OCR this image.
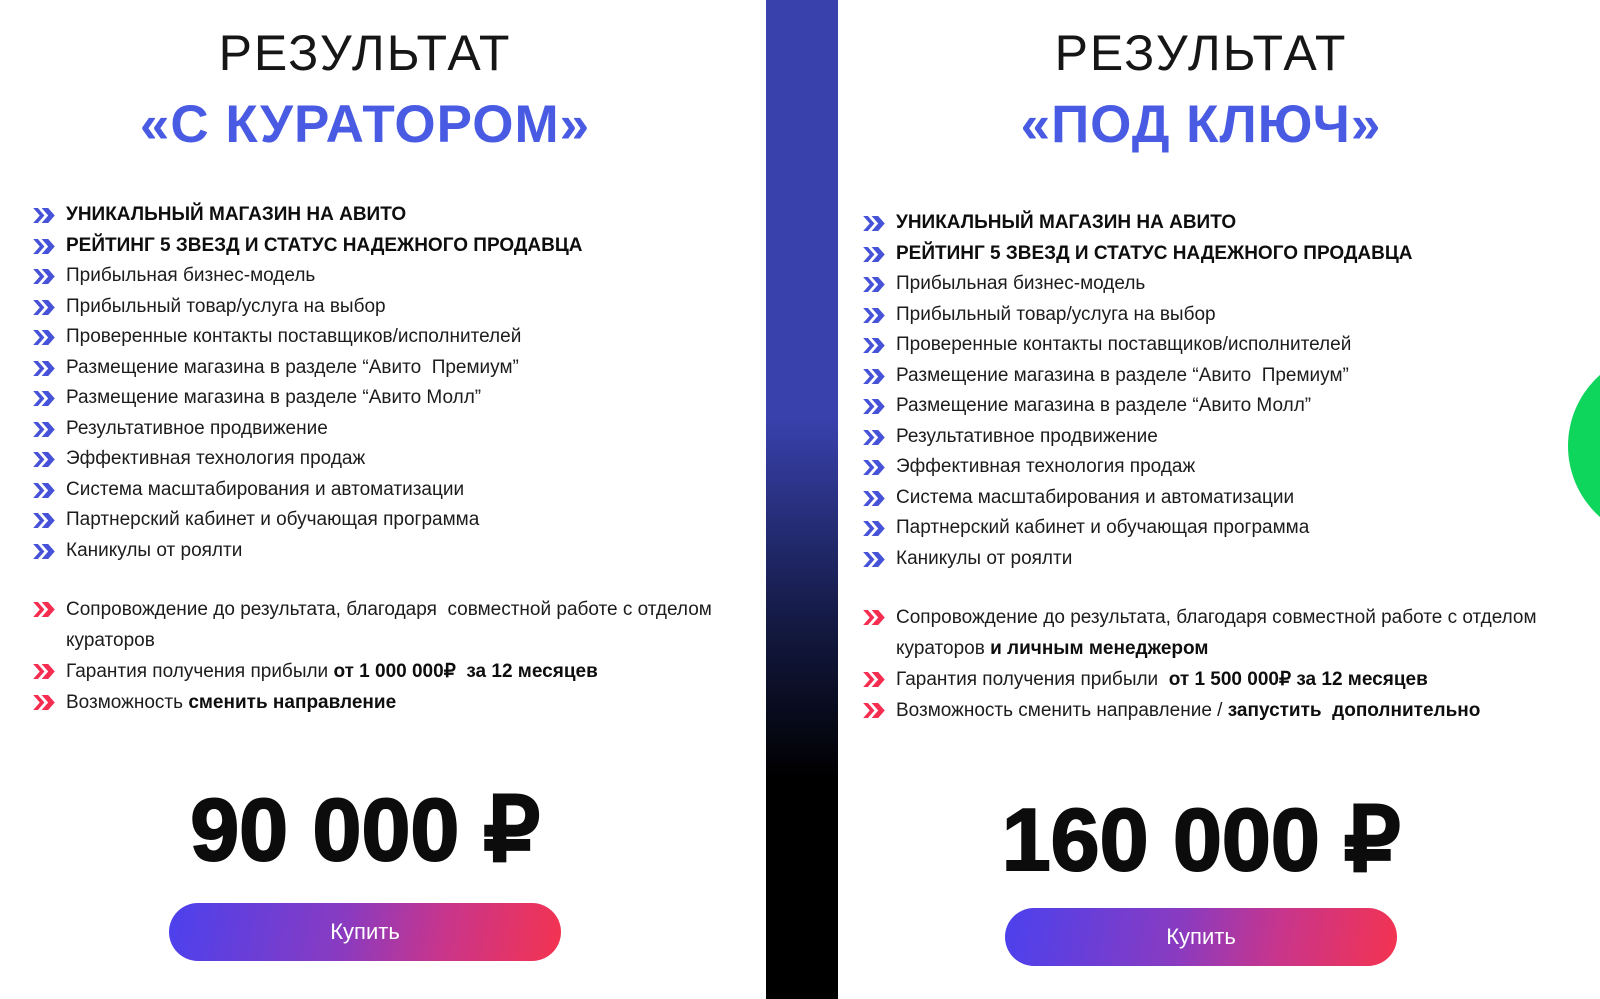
РЕЗУЛЬТАТ
«С КУРАТОРОМ»
УНИКАЛЬНЫЙ МАГАЗИН НА АВИТО
РЕЙТИНГ 5 ЗВЕЗД И СТАТУС НАДЕЖНОГО ПРОДАВЦА
Прибыльная бизнес-модель
Прибыльный товар/услуга на выбор
Проверенные контакты поставщиков/исполнителей
Размещение магазина в разделе “Авито  Премиум”
Размещение магазина в разделе “Авито Молл”
Результативное продвижение
Эффективная технология продаж
Система масштабирования и автоматизации
Партнерский кабинет и обучающая программа
Каникулы от роялти
Сопровождение до результата, благодаря  совместной работе с отделом кураторов
Гарантия получения прибыли от 1 000 000₽  за 12 месяцев
Возможность сменить направление
90 000 ₽
Купить
РЕЗУЛЬТАТ
«ПОД КЛЮЧ»
УНИКАЛЬНЫЙ МАГАЗИН НА АВИТО
РЕЙТИНГ 5 ЗВЕЗД И СТАТУС НАДЕЖНОГО ПРОДАВЦА
Прибыльная бизнес-модель
Прибыльный товар/услуга на выбор
Проверенные контакты поставщиков/исполнителей
Размещение магазина в разделе “Авито  Премиум”
Размещение магазина в разделе “Авито Молл”
Результативное продвижение
Эффективная технология продаж
Система масштабирования и автоматизации
Партнерский кабинет и обучающая программа
Каникулы от роялти
Сопровождение до результата, благодаря совместной работе с отделом кураторов и личным менеджером
Гарантия получения прибыли  от 1 500 000₽ за 12 месяцев
Возможность сменить направление / запустить  дополнительно
160 000 ₽
Купить
